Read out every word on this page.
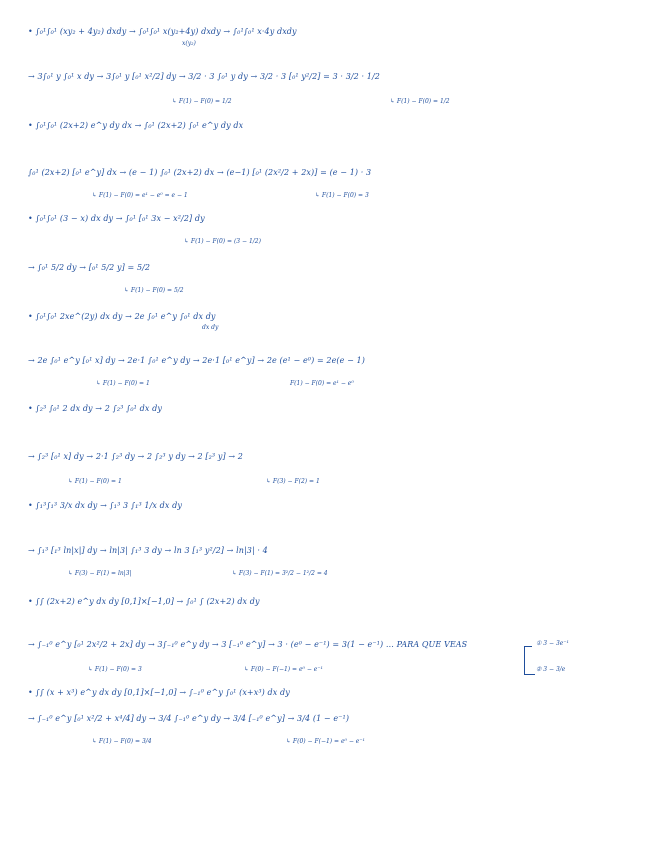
• ∫₀¹∫₀¹ (xy₂ + 4y₂) dxdy → ∫₀¹∫₀¹ x(y₂+4y) dxdy → ∫₀¹∫₀¹ x·4y dxdy
x(y₂)
→ 3∫₀¹ y ∫₀¹ x dy → 3∫₀¹ y [₀¹ x²/2] dy → 3/2 · 3 ∫₀¹ y dy → 3/2 · 3 [₀¹ y²/2] = 3 · 3/2 · 1/2
↳ F(1) − F(0) = 1/2	↳ F(1) − F(0) = 1/2
• ∫₀¹∫₀¹ (2x+2) e^y dy dx → ∫₀¹ (2x+2) ∫₀¹ e^y dy dx
∫₀¹ (2x+2) [₀¹ e^y] dx → (e − 1) ∫₀¹ (2x+2) dx → (e−1) [₀¹ (2x²/2 + 2x)] = (e − 1) · 3
↳ F(1) − F(0) = e¹ − e⁰ = e − 1	↳ F(1) − F(0) = 3
• ∫₀¹∫₀¹ (3 − x) dx dy → ∫₀¹ [₀¹ 3x − x²/2] dy
↳ F(1) − F(0) = (3 − 1/2)
→ ∫₀¹ 5/2 dy → [₀¹ 5/2 y] = 5/2
↳ F(1) − F(0) = 5/2
• ∫₀¹∫₀¹ 2xe^(2y) dx dy → 2e ∫₀¹ e^y ∫₀¹ dx dy
dx dy
→ 2e ∫₀¹ e^y [₀¹ x] dy → 2e·1 ∫₀¹ e^y dy → 2e·1 [₀¹ e^y] → 2e (e¹ − e⁰) = 2e(e − 1)
↳ F(1) − F(0) = 1	F(1) − F(0) = e¹ − e⁰
• ∫₂³ ∫₀¹ 2 dx dy → 2 ∫₂³ ∫₀¹ dx dy
→ ∫₂³ [₀¹ x] dy → 2·1 ∫₂³ dy → 2 ∫₂³ y dy → 2 [₂³ y] → 2
↳ F(1) − F(0) = 1	↳ F(3) − F(2) = 1
• ∫₁³∫₁³ 3/x dx dy → ∫₁³ 3 ∫₁³ 1/x dx dy
→ ∫₁³ [₁³ ln|x|] dy → ln|3| ∫₁³ 3 dy → ln 3 [₁³ y²/2] → ln|3| · 4
↳ F(3) − F(1) = ln|3|	↳ F(3) − F(1) = 3²/2 − 1²/2 = 4
• ∫∫ (2x+2) e^y dx dy [0,1]×[−1,0] → ∫₀¹ ∫ (2x+2) dx dy
→ ∫₋₁⁰ e^y [₀¹ 2x²/2 + 2x] dy → 3∫₋₁⁰ e^y dy → 3 [₋₁⁰ e^y] → 3 · (e⁰ − e⁻¹) = 3(1 − e⁻¹) … PARA QUE VEAS
↳ F(1) − F(0) = 3	↳ F(0) − F(−1) = e⁰ − e⁻¹
① 3 − 3e⁻¹
② 3 − 3/e
• ∫∫ (x + x³) e^y dx dy [0,1]×[−1,0] → ∫₋₁⁰ e^y ∫₀¹ (x+x³) dx dy
→ ∫₋₁⁰ e^y [₀¹ x²/2 + x⁴/4] dy → 3/4 ∫₋₁⁰ e^y dy → 3/4 [₋₁⁰ e^y] → 3/4 (1 − e⁻¹)
↳ F(1) − F(0) = 3/4	↳ F(0) − F(−1) = e⁰ − e⁻¹
